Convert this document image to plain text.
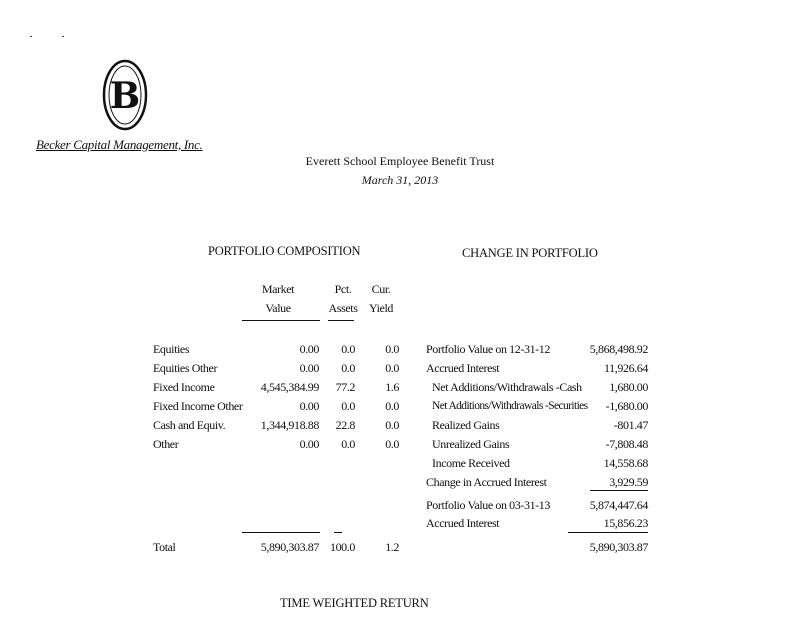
B
Becker Capital Management, Inc.
Everett School Employee Benefit Trust
March 31, 2013
PORTFOLIO COMPOSITION
Market
Value
Pct.
Assets
Cur.
Yield
Equities	0.00	0.0	0.0
Equities Other	0.00	0.0	0.0
Fixed Income	4,545,384.99	77.2	1.6
Fixed Income Other	0.00	0.0	0.0
Cash and Equiv.	1,344,918.88	22.8	0.0
Other	0.00	0.0	0.0
Total	5,890,303.87 100.0	1.2
CHANGE IN PORTFOLIO
Portfolio Value on 12-31-12	5,868,498.92
Accrued Interest	11,926.64
Net Additions/Withdrawals -Cash	1,680.00
Net Additions/Withdrawals -Securities	-1,680.00
Realized Gains	-801.47
Unrealized Gains	-7,808.48
Income Received	14,558.68
Change in Accrued Interest	3,929.59
Portfolio Value on 03-31-13	5,874,447.64
Accrued Interest	15,856.23
5,890,303.87
TIME WEIGHTED RETURN
